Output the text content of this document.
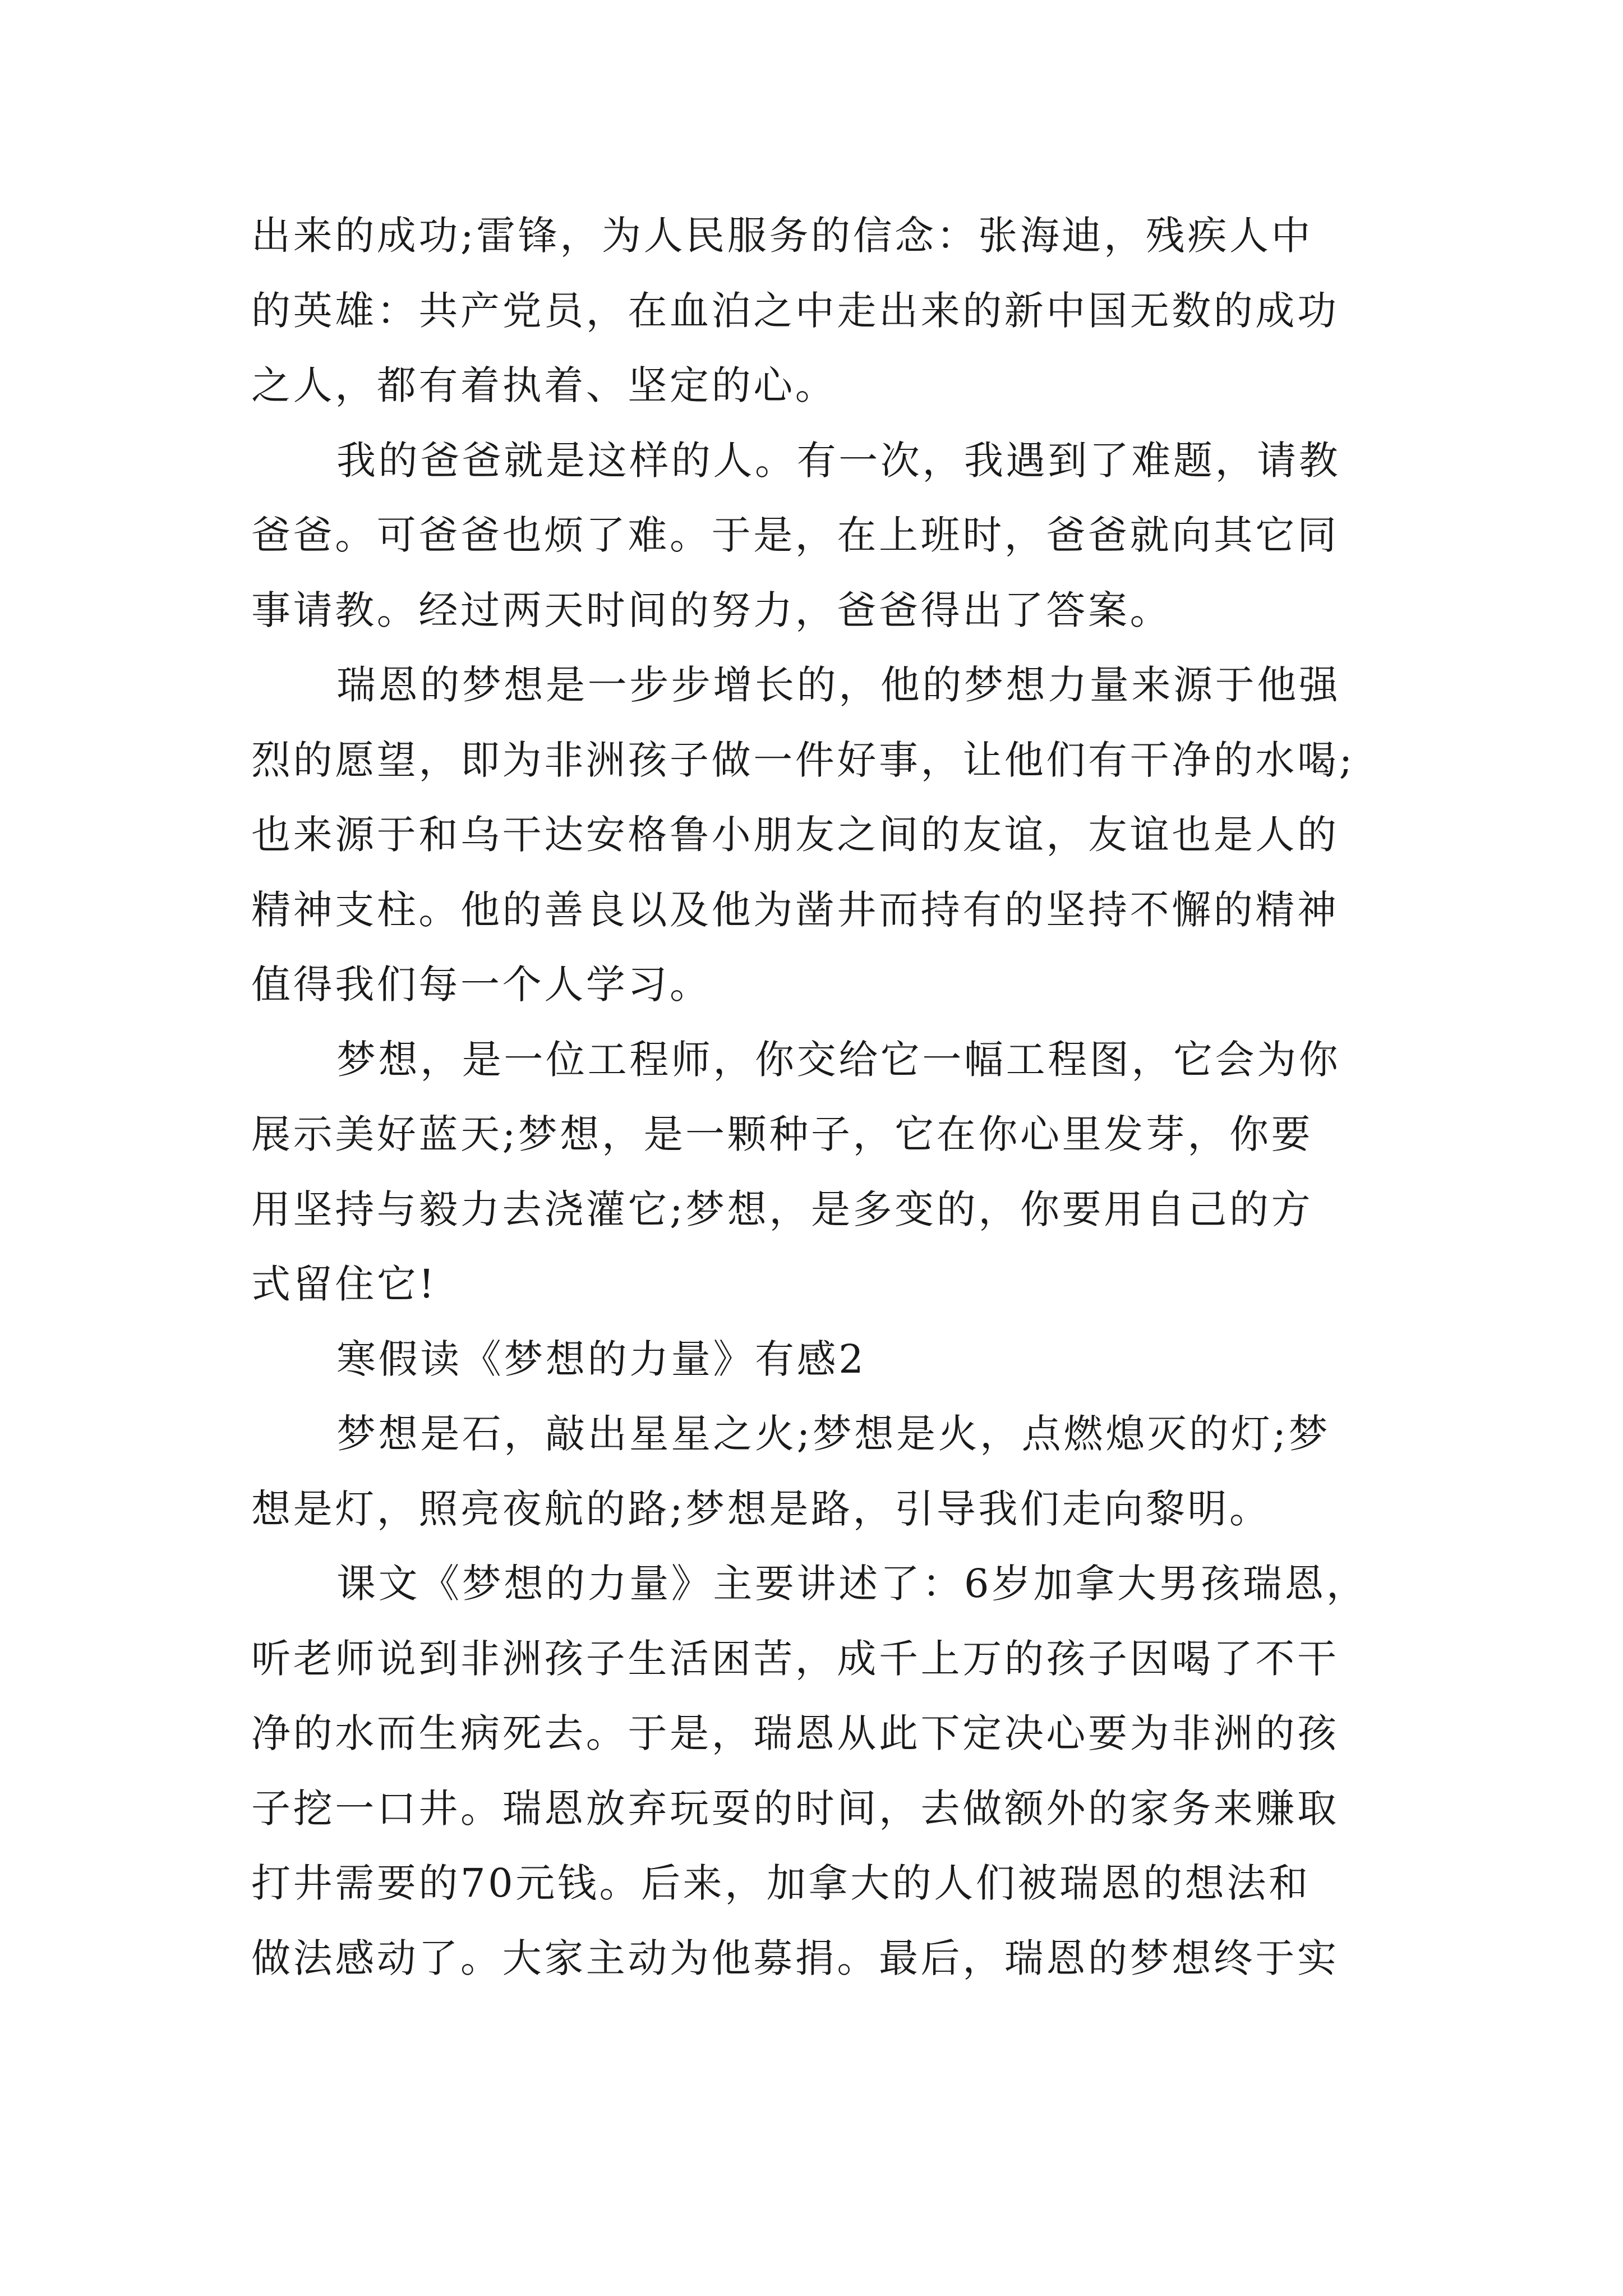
出来的成功;雷锋，为人民服务的信念：张海迪，残疾人中
的英雄：共产党员，在血泊之中走出来的新中国无数的成功
之人，都有着执着、坚定的心。
我的爸爸就是这样的人。有一次，我遇到了难题，请教
爸爸。可爸爸也烦了难。于是，在上班时，爸爸就向其它同
事请教。经过两天时间的努力，爸爸得出了答案。
瑞恩的梦想是一步步增长的，他的梦想力量来源于他强
烈的愿望，即为非洲孩子做一件好事，让他们有干净的水喝;
也来源于和乌干达安格鲁小朋友之间的友谊，友谊也是人的
精神支柱。他的善良以及他为凿井而持有的坚持不懈的精神
值得我们每一个人学习。
梦想，是一位工程师，你交给它一幅工程图，它会为你
展示美好蓝天;梦想，是一颗种子，它在你心里发芽，你要
用坚持与毅力去浇灌它;梦想，是多变的，你要用自己的方
式留住它!
寒假读《梦想的力量》有感2
梦想是石，敲出星星之火;梦想是火，点燃熄灭的灯;梦
想是灯，照亮夜航的路;梦想是路，引导我们走向黎明。
课文《梦想的力量》主要讲述了：6岁加拿大男孩瑞恩，
听老师说到非洲孩子生活困苦，成千上万的孩子因喝了不干
净的水而生病死去。于是，瑞恩从此下定决心要为非洲的孩
子挖一口井。瑞恩放弃玩耍的时间，去做额外的家务来赚取
打井需要的70元钱。后来，加拿大的人们被瑞恩的想法和
做法感动了。大家主动为他募捐。最后，瑞恩的梦想终于实
